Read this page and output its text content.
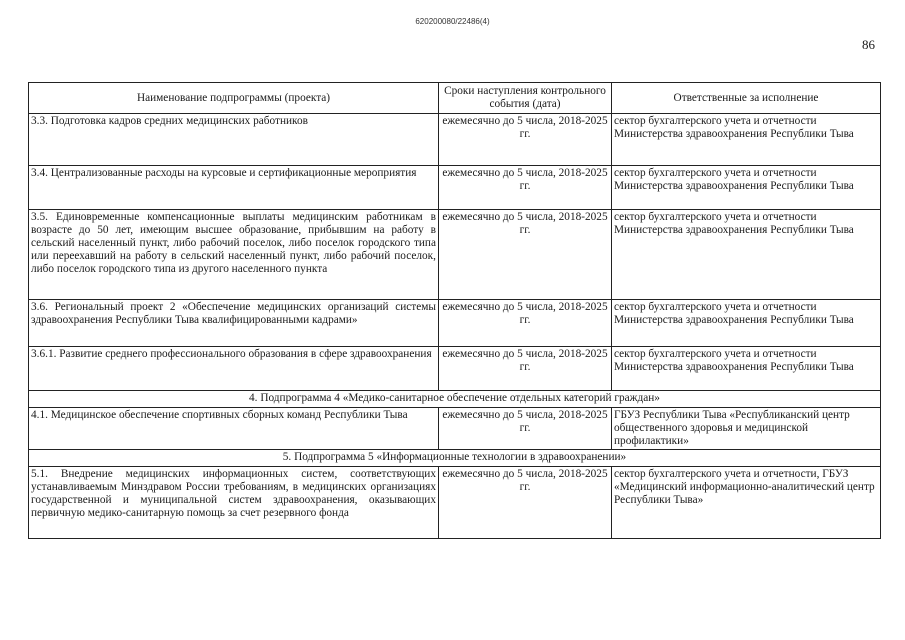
620200080/22486(4)
86
Наименование подпрограммы (проекта)	Сроки наступления контрольного события (дата)	Ответственные за исполнение
3.3. Подготовка кадров средних медицинских работников	ежемесячно до 5 числа, 2018-2025 гг.	сектор бухгалтерского учета и отчетности Министерства здравоохранения Республики Тыва
3.4. Централизованные расходы на курсовые и сертификационные мероприятия	ежемесячно до 5 числа, 2018-2025 гг.	сектор бухгалтерского учета и отчетности Министерства здравоохранения Республики Тыва
3.5. Единовременные компенсационные выплаты медицинским работникам в возрасте до 50 лет, имеющим высшее образование, прибывшим на работу в сельский населенный пункт, либо рабочий поселок, либо поселок городского типа или переехавший на работу в сельский населенный пункт, либо рабочий поселок, либо поселок городского типа из другого населенного пункта	ежемесячно до 5 числа, 2018-2025 гг.	сектор бухгалтерского учета и отчетности Министерства здравоохранения Республики Тыва
3.6. Региональный проект 2 «Обеспечение медицинских организаций системы здравоохранения Республики Тыва квалифицированными кадрами»	ежемесячно до 5 числа, 2018-2025 гг.	сектор бухгалтерского учета и отчетности Министерства здравоохранения Республики Тыва
3.6.1. Развитие среднего профессионального образования в сфере здравоохранения	ежемесячно до 5 числа, 2018-2025 гг.	сектор бухгалтерского учета и отчетности Министерства здравоохранения Республики Тыва
4. Подпрограмма 4 «Медико-санитарное обеспечение отдельных категорий граждан»		
4.1. Медицинское обеспечение спортивных сборных команд Республики Тыва	ежемесячно до 5 числа, 2018-2025 гг.	ГБУЗ Республики Тыва «Республиканский центр общественного здоровья и медицинской профилактики»
5. Подпрограмма 5 «Информационные технологии в здравоохранении»		
5.1. Внедрение медицинских информационных систем, соответствующих устанавливаемым Минздравом России требованиям, в медицинских организациях государственной и муниципальной систем здравоохранения, оказывающих первичную медико-санитарную помощь за счет резервного фонда	ежемесячно до 5 числа, 2018-2025 гг.	сектор бухгалтерского учета и отчетности, ГБУЗ «Медицинский информационно-аналитический центр Республики Тыва»
